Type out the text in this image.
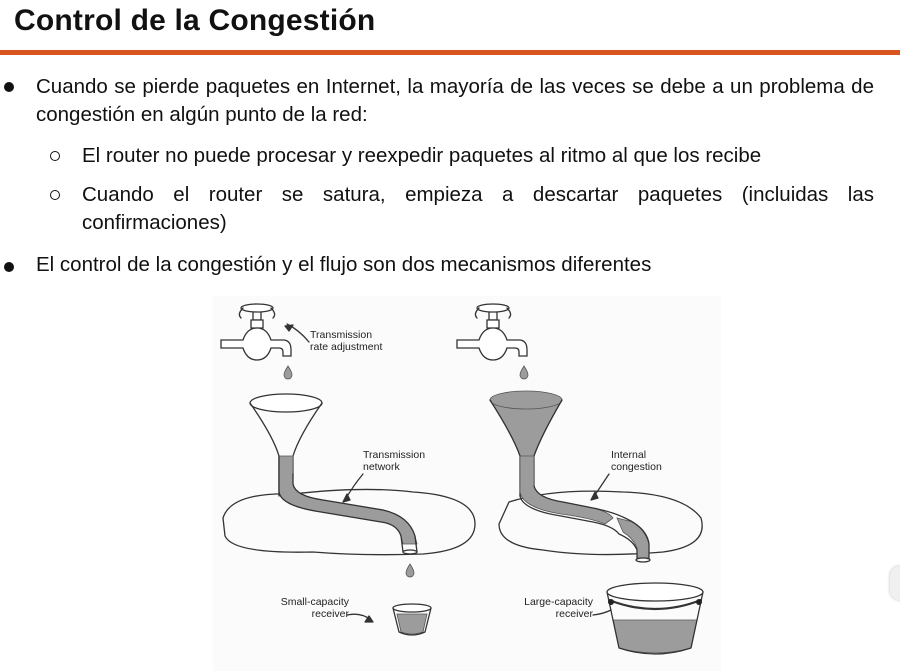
Control de la Congestión
Cuando se pierde paquetes en Internet, la mayoría de las veces se debe a un problema de congestión en algún punto de la red:
El router no puede procesar y reexpedir paquetes al ritmo al que los recibe
Cuando el router se satura, empieza a descartar paquetes (incluidas las confirmaciones)
El control de la congestión y el flujo son dos mecanismos diferentes
Transmission rate adjustment
Transmission network
Small-capacity receiver
Internal congestion
Large-capacity receiver
